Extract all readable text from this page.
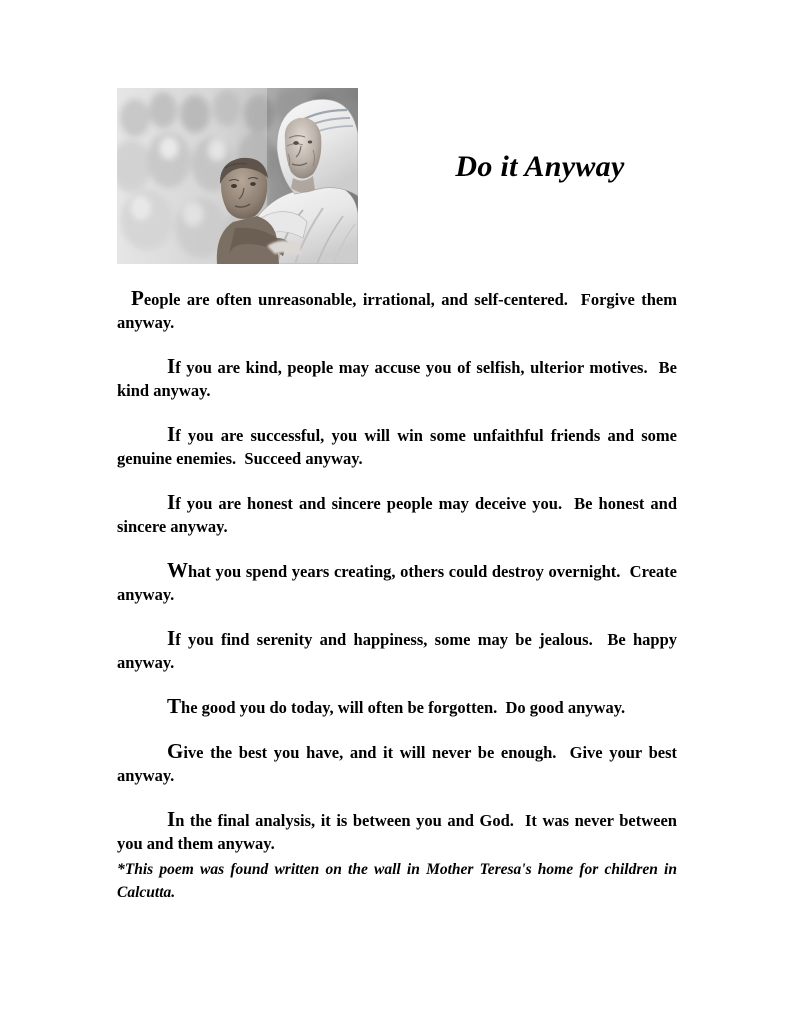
Do it Anyway

People are often unreasonable, irrational, and self-centered.  Forgive them anyway.

If you are kind, people may accuse you of selfish, ulterior motives.  Be kind anyway.

If you are successful, you will win some unfaithful friends and some genuine enemies.  Succeed anyway.

If you are honest and sincere people may deceive you.  Be honest and sincere anyway.

What you spend years creating, others could destroy overnight.  Create anyway.

If you find serenity and happiness, some may be jealous.  Be happy anyway.

The good you do today, will often be forgotten.  Do good anyway.

Give the best you have, and it will never be enough.  Give your best anyway.

In the final analysis, it is between you and God.  It was never between you and them anyway.

*This poem was found written on the wall in Mother Teresa's home for children in Calcutta.
